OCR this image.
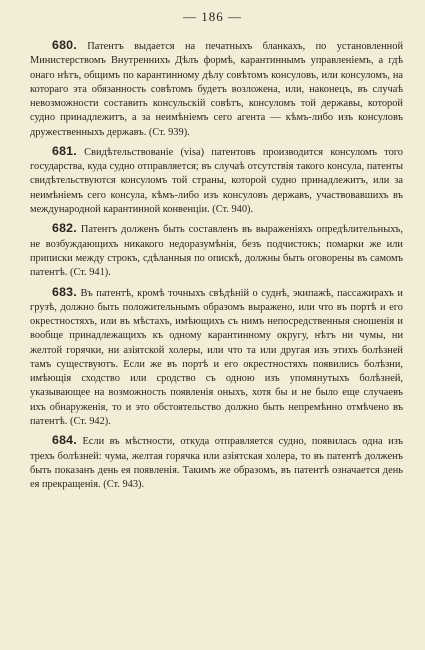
— 186 —

680. Патентъ выдается на печатныхъ бланкахъ, по установленной Министерствомъ Внутреннихъ Дѣлъ формѣ, карантиннымъ управленіемъ, а гдѣ онаго нѣтъ, общимъ по карантинному дѣлу совѣтомъ консуловъ, или консуломъ, на котораго эта обязанность совѣтомъ будетъ возложена, или, наконецъ, въ случаѣ невозможности составить консульскій совѣтъ, консуломъ той державы, которой судно принадлежитъ, а за неимѣніемъ сего агента — кѣмъ-либо изъ консуловъ дружественныхъ державъ. (Ст. 939).

681. Свидѣтельствованіе (visa) патентовъ производится консуломъ того государства, куда судно отправляется; въ случаѣ отсутствія такого консула, патенты свидѣтельствуются консуломъ той страны, которой судно принадлежитъ, или за неимѣніемъ сего консула, кѣмъ-либо изъ консуловъ державъ, участвовавшихъ въ международной карантинной конвенціи. (Ст. 940).

682. Патентъ долженъ быть составленъ въ выраженіяхъ опредѣлительныхъ, не возбуждающихъ никакого недоразумѣнія, безъ подчистокъ; помарки же или приписки между строкъ, сдѣланныя по опискѣ, должны быть оговорены въ самомъ патентѣ. (Ст. 941).

683. Въ патентѣ, кромѣ точныхъ свѣдѣній о суднѣ, экипажѣ, пассажирахъ и грузѣ, должно быть положительнымъ образомъ выражено, или что въ портѣ и его окрестностяхъ, или въ мѣстахъ, имѣющихъ съ нимъ непосредственныя сношенія и вообще принадлежащихъ къ одному карантинному округу, нѣтъ ни чумы, ни желтой горячки, ни азіятской холеры, или что та или другая изъ этихъ болѣзней тамъ существуютъ. Если же въ портѣ и его окрестностяхъ появились болѣзни, имѣющія сходство или сродство съ одною изъ упомянутыхъ болѣзней, указывающее на возможность появленія оныхъ, хотя бы и не было еще случаевъ ихъ обнаруженія, то и это обстоятельство должно быть непремѣнно отмѣчено въ патентѣ. (Ст. 942).

684. Если въ мѣстности, откуда отправляется судно, появилась одна изъ трехъ болѣзней: чума, желтая горячка или азіятская холера, то въ патентѣ долженъ быть показанъ день ея появленія. Такимъ же образомъ, въ патентѣ означается день ея прекращенія. (Ст. 943).
